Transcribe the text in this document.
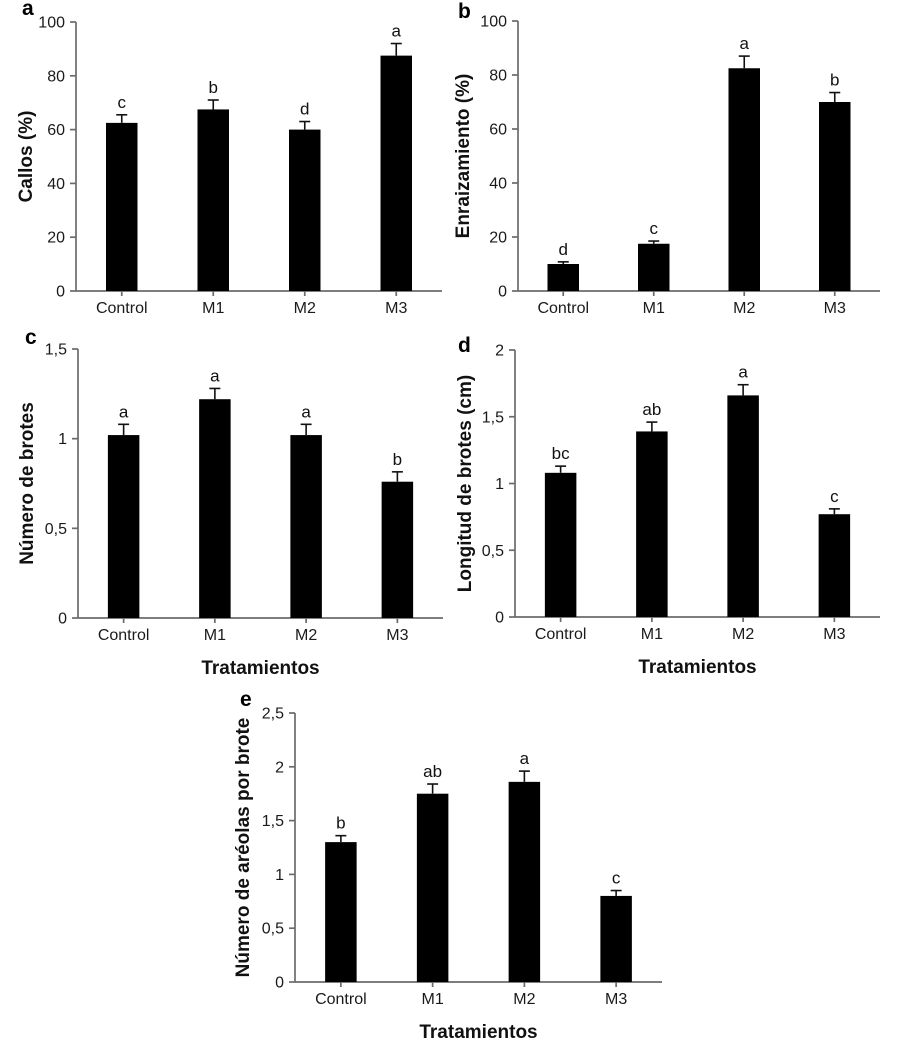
0
20
40
60
80
100
c
Control
b
M1
d
M2
a
M3
Callos (%)
a
0
20
40
60
80
100
d
Control
c
M1
a
M2
b
M3
Enraizamiento (%)
b
0
0,5
1
1,5
a
Control
a
M1
a
M2
b
M3
Número de brotes
Tratamientos
c
0
0,5
1
1,5
2
bc
Control
ab
M1
a
M2
c
M3
Longitud de brotes (cm)
Tratamientos
d
0
0,5
1
1,5
2
2,5
b
Control
ab
M1
a
M2
c
M3
Número de aréolas por brote
Tratamientos
e
